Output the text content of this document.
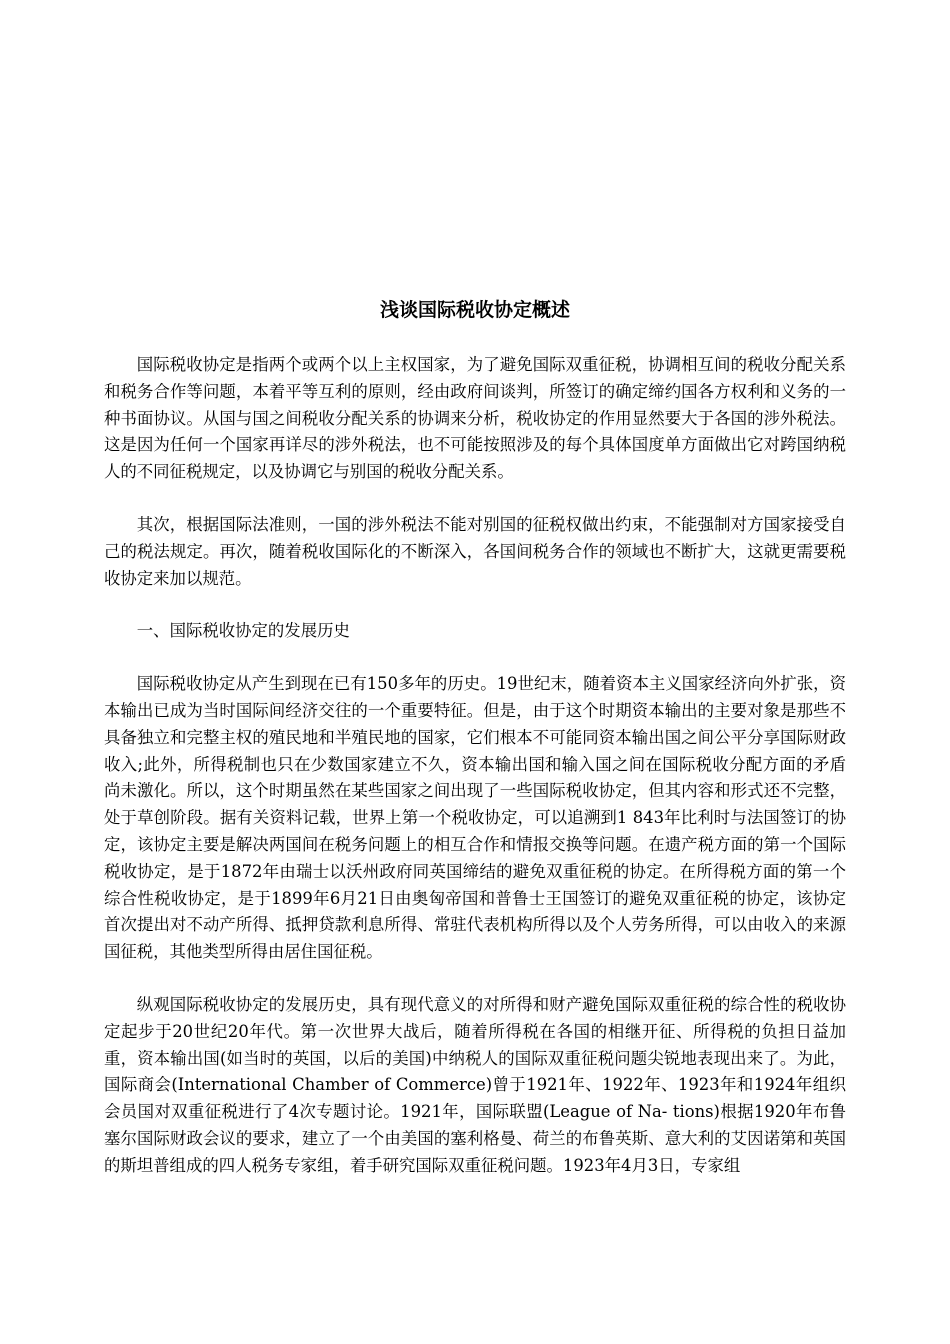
浅谈国际税收协定概述

国际税收协定是指两个或两个以上主权国家，为了避免国际双重征税，协调相互间的税收分配关系和税务合作等问题，本着平等互利的原则，经由政府间谈判，所签订的确定缔约国各方权利和义务的一种书面协议。从国与国之间税收分配关系的协调来分析，税收协定的作用显然要大于各国的涉外税法。这是因为任何一个国家再详尽的涉外税法，也不可能按照涉及的每个具体国度单方面做出它对跨国纳税人的不同征税规定，以及协调它与别国的税收分配关系。

其次，根据国际法准则，一国的涉外税法不能对别国的征税权做出约束，不能强制对方国家接受自己的税法规定。再次，随着税收国际化的不断深入，各国间税务合作的领域也不断扩大，这就更需要税收协定来加以规范。

一、国际税收协定的发展历史

国际税收协定从产生到现在已有150多年的历史。19世纪末，随着资本主义国家经济向外扩张，资本输出已成为当时国际间经济交往的一个重要特征。但是，由于这个时期资本输出的主要对象是那些不具备独立和完整主权的殖民地和半殖民地的国家，它们根本不可能同资本输出国之间公平分享国际财政收入;此外，所得税制也只在少数国家建立不久，资本输出国和输入国之间在国际税收分配方面的矛盾尚未激化。所以，这个时期虽然在某些国家之间出现了一些国际税收协定，但其内容和形式还不完整，处于草创阶段。据有关资料记载，世界上第一个税收协定，可以追溯到1 843年比利时与法国签订的协定，该协定主要是解决两国间在税务问题上的相互合作和情报交换等问题。在遗产税方面的第一个国际税收协定，是于1872年由瑞士以沃州政府同英国缔结的避免双重征税的协定。在所得税方面的第一个综合性税收协定，是于1899年6月21日由奥匈帝国和普鲁士王国签订的避免双重征税的协定，该协定首次提出对不动产所得、抵押贷款利息所得、常驻代表机构所得以及个人劳务所得，可以由收入的来源国征税，其他类型所得由居住国征税。

纵观国际税收协定的发展历史，具有现代意义的对所得和财产避免国际双重征税的综合性的税收协定起步于20世纪20年代。第一次世界大战后，随着所得税在各国的相继开征、所得税的负担日益加重，资本输出国(如当时的英国，以后的美国)中纳税人的国际双重征税问题尖锐地表现出来了。为此，国际商会(International Chamber of Commerce)曾于1921年、1922年、1923年和1924年组织会员国对双重征税进行了4次专题讨论。1921年，国际联盟(League of Na- tions)根据1920年布鲁塞尔国际财政会议的要求，建立了一个由美国的塞利格曼、荷兰的布鲁英斯、意大利的艾因诺第和英国的斯坦普组成的四人税务专家组，着手研究国际双重征税问题。1923年4月3日，专家组
